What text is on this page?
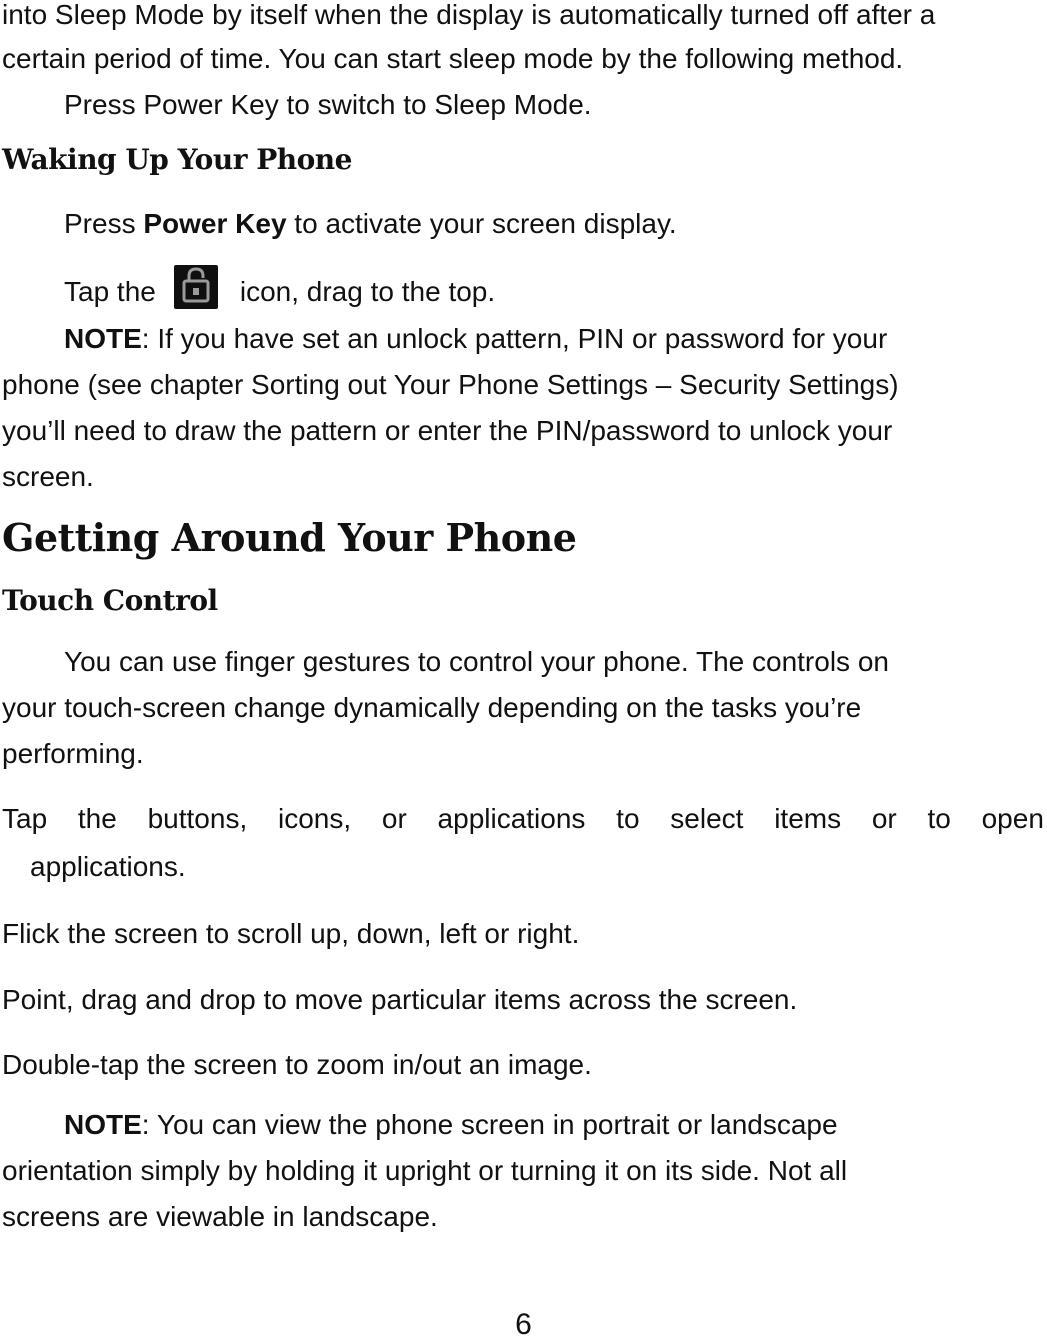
into Sleep Mode by itself when the display is automatically turned off after a
certain period of time. You can start sleep mode by the following method.
Press Power Key to switch to Sleep Mode.
Waking Up Your Phone
Press Power Key to activate your screen display.
Tap the	icon, drag to the top.
NOTE: If you have set an unlock pattern, PIN or password for your
phone (see chapter Sorting out Your Phone Settings – Security Settings)
you’ll need to draw the pattern or enter the PIN/password to unlock your
screen.
Getting Around Your Phone
Touch Control
You can use finger gestures to control your phone. The controls on
your touch-screen change dynamically depending on the tasks you’re
performing.
Tap the buttons, icons, or applications to select items or to open
applications.
Flick the screen to scroll up, down, left or right.
Point, drag and drop to move particular items across the screen.
Double-tap the screen to zoom in/out an image.
NOTE: You can view the phone screen in portrait or landscape
orientation simply by holding it upright or turning it on its side. Not all
screens are viewable in landscape.
6
